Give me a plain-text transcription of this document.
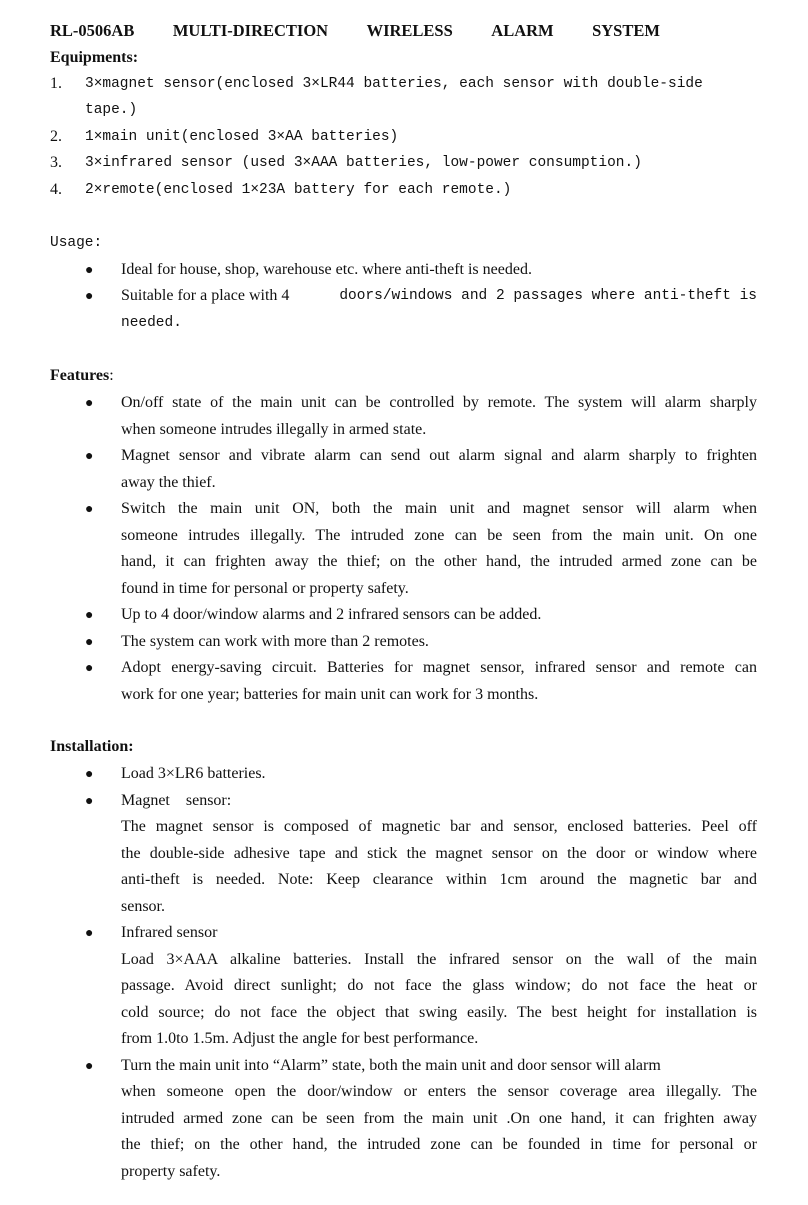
RL-0506AB MULTI-DIRECTION WIRELESS ALARM SYSTEM
Equipments:
1. 3×magnet sensor(enclosed 3×LR44 batteries, each sensor with double-side
tape.)
2. 1×main unit(enclosed 3×AA batteries)
3. 3×infrared sensor (used 3×AAA batteries, low-power consumption.)
4. 2×remote(enclosed 1×23A battery for each remote.)
Usage:
● Ideal for house, shop, warehouse etc. where anti-theft is needed.
● Suitable for a place with 4	doors/windows and 2 passages where anti-theft is
needed.
Features:
● On/off state of the main unit can be controlled by remote. The system will alarm sharply
when someone intrudes illegally in armed state.
● Magnet sensor and vibrate alarm can send out alarm signal and alarm sharply to frighten
away the thief.
● Switch the main unit ON, both the main unit and magnet sensor will alarm when
someone intrudes illegally. The intruded zone can be seen from the main unit. On one
hand, it can frighten away the thief; on the other hand, the intruded armed zone can be
found in time for personal or property safety.
● Up to 4 door/window alarms and 2 infrared sensors can be added.
● The system can work with more than 2 remotes.
● Adopt energy-saving circuit. Batteries for magnet sensor, infrared sensor and remote can
work for one year; batteries for main unit can work for 3 months.
Installation:
● Load 3×LR6 batteries.
● Magnet    sensor:
The magnet sensor is composed of magnetic bar and sensor, enclosed batteries. Peel off
the double-side adhesive tape and stick the magnet sensor on the door or window where
anti-theft is needed. Note: Keep clearance within 1cm around the magnetic bar and
sensor.
● Infrared sensor
Load 3×AAA alkaline batteries. Install the infrared sensor on the wall of the main
passage. Avoid direct sunlight; do not face the glass window; do not face the heat or
cold source; do not face the object that swing easily. The best height for installation is
from 1.0to 1.5m. Adjust the angle for best performance.
● Turn the main unit into “Alarm” state, both the main unit and door sensor will alarm
when someone open the door/window or enters the sensor coverage area illegally. The
intruded armed zone can be seen from the main unit .On one hand, it can frighten away
the thief; on the other hand, the intruded zone can be founded in time for personal or
property safety.
